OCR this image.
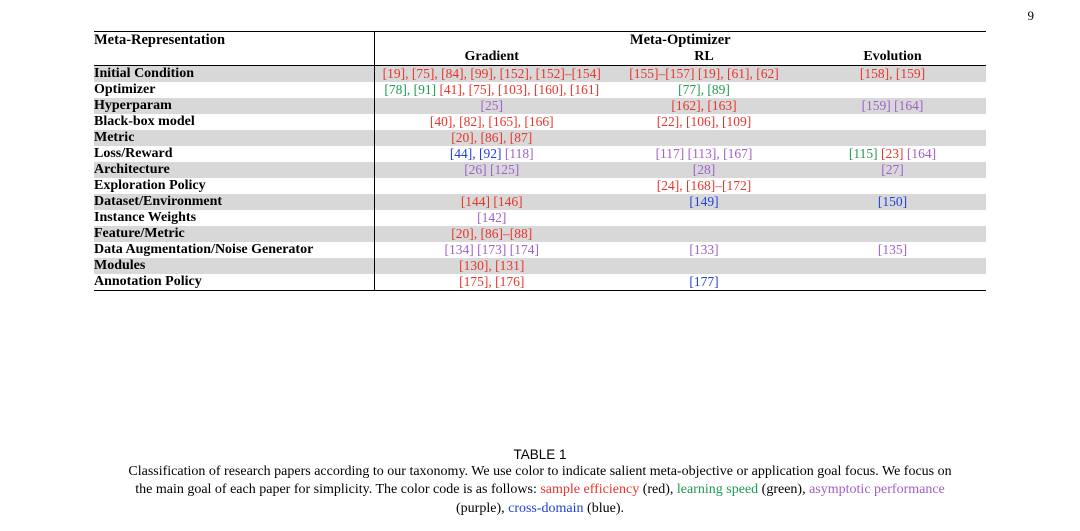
9
Meta-Representation	Meta-Optimizer		
	Gradient	RL	Evolution
Initial Condition	[19], [75], [84], [99], [152], [152]–[154]	[155]–[157] [19], [61], [62]	[158], [159]
Optimizer	[78], [91] [41], [75], [103], [160], [161]	[77], [89]	
Hyperparam	[25]	[162], [163]	[159] [164]
Black-box model	[40], [82], [165], [166]	[22], [106], [109]	
Metric	[20], [86], [87]		
Loss/Reward	[44], [92] [118]	[117] [113], [167]	[115] [23] [164]
Architecture	[26] [125]	[28]	[27]
Exploration Policy		[24], [168]–[172]	
Dataset/Environment	[144] [146]	[149]	[150]
Instance Weights	[142]		
Feature/Metric	[20], [86]–[88]		
Data Augmentation/Noise Generator	[134] [173] [174]	[133]	[135]
Modules	[130], [131]		
Annotation Policy	[175], [176]	[177]	
TABLE 1
Classification of research papers according to our taxonomy. We use color to indicate salient meta-objective or application goal focus. We focus on
the main goal of each paper for simplicity. The color code is as follows: sample efficiency (red), learning speed (green), asymptotic performance
(purple), cross-domain (blue).
